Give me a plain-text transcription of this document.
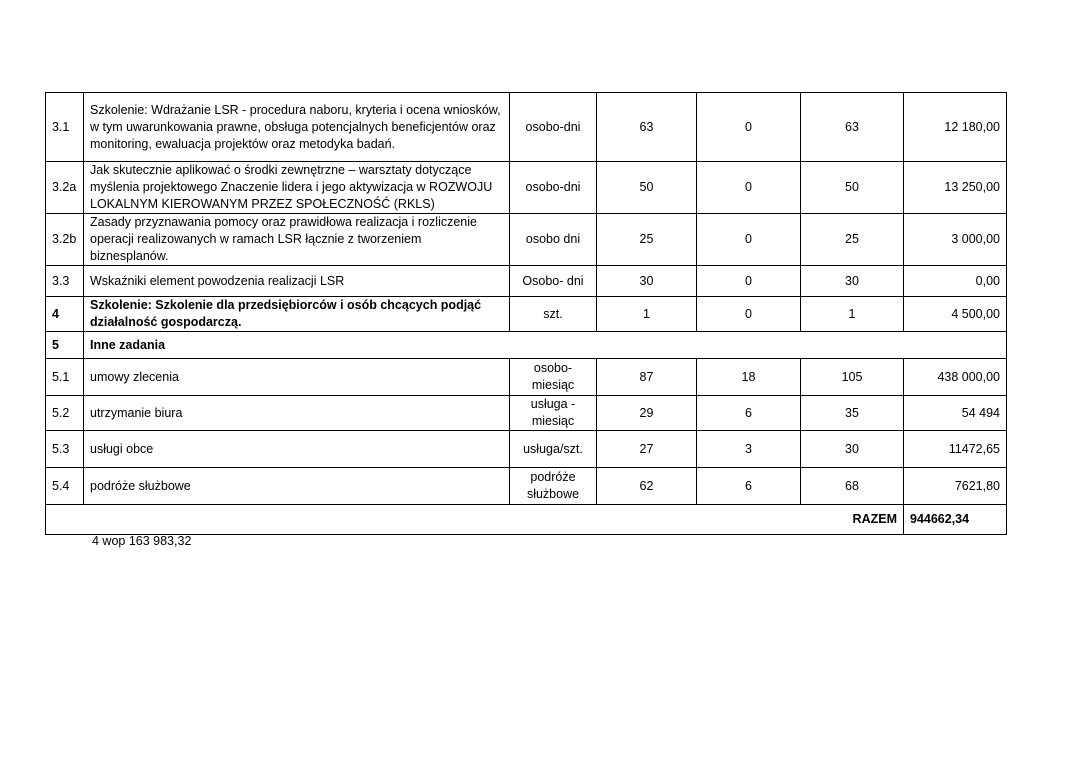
3.1	Szkolenie: Wdrażanie LSR - procedura naboru, kryteria i ocena wniosków, w tym uwarunkowania prawne, obsługa potencjalnych beneficjentów oraz monitoring, ewaluacja projektów oraz metodyka badań.	osobo-dni	63	0	63	12 180,00
3.2a	Jak skutecznie aplikować o środki zewnętrzne – warsztaty dotyczące myślenia projektowego Znaczenie lidera i jego aktywizacja w ROZWOJU LOKALNYM KIEROWANYM PRZEZ SPOŁECZNOŚĆ (RKLS)	osobo-dni	50	0	50	13 250,00
3.2b	Zasady przyznawania pomocy oraz prawidłowa realizacja i rozliczenie operacji realizowanych w ramach LSR łącznie z tworzeniem biznesplanów.	osobo dni	25	0	25	3 000,00
3.3	Wskaźniki element powodzenia realizacji LSR	Osobo- dni	30	0	30	0,00
4	Szkolenie: Szkolenie dla przedsiębiorców i osób chcących podjąć działalność gospodarczą.	szt.	1	0	1	4 500,00
5	Inne zadania					
5.1	umowy zlecenia	osobo-miesiąc	87	18	105	438 000,00
5.2	utrzymanie biura	usługa - miesiąc	29	6	35	54 494
5.3	usługi obce	usługa/szt.	27	3	30	11472,65
5.4	podróże służbowe	podróże służbowe	62	6	68	7621,80
RAZEM						944662,34
4 wop 163 983,32
